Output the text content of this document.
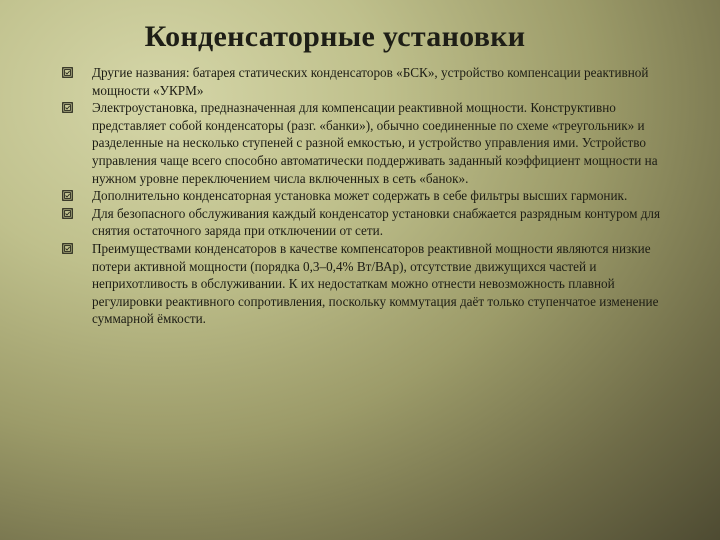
Конденсаторные установки
Другие названия: батарея статических конденсаторов «БСК», устройство компенсации реактивной мощности «УКРМ»
Электроустановка, предназначенная для компенсации реактивной мощности. Конструктивно представляет собой конденсаторы (разг. «банки»), обычно соединенные по схеме «треугольник» и разделенные на несколько ступеней с разной емкостью, и устройство управления ими. Устройство управления чаще всего способно автоматически поддерживать заданный коэффициент мощности на нужном уровне переключением числа включенных в сеть «банок».
Дополнительно конденсаторная установка может содержать в себе фильтры высших гармоник.
Для безопасного обслуживания каждый конденсатор установки снабжается разрядным контуром для снятия остаточного заряда при отключении от сети.
Преимуществами конденсаторов в качестве компенсаторов реактивной мощности являются низкие потери активной мощности (порядка 0,3–0,4% Вт/ВАр), отсутствие движущихся частей и неприхотливость в обслуживании. К их недостаткам можно отнести невозможность плавной регулировки реактивного сопротивления, поскольку коммутация даёт только ступенчатое изменение суммарной ёмкости.
